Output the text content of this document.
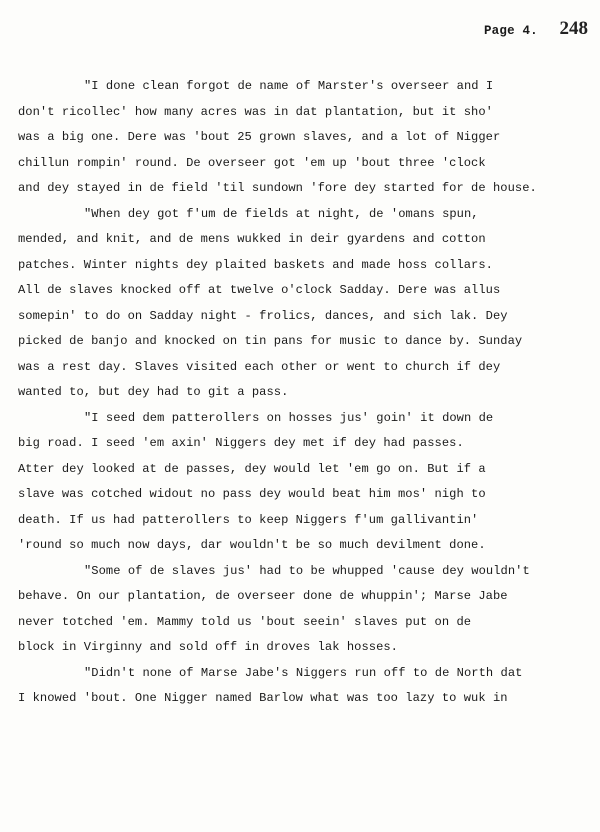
Page 4. 248
"I done clean forgot de name of Marster's overseer and I
don't ricollec' how many acres was in dat plantation, but it sho'
was a big one. Dere was 'bout 25 grown slaves, and a lot of Nigger
chillun rompin' round. De overseer got 'em up 'bout three 'clock
and dey stayed in de field 'til sundown 'fore dey started for de house.
"When dey got f'um de fields at night, de 'omans spun,
mended, and knit, and de mens wukked in deir gyardens and cotton
patches. Winter nights dey plaited baskets and made hoss collars.
All de slaves knocked off at twelve o'clock Sadday. Dere was allus
somepin' to do on Sadday night - frolics, dances, and sich lak. Dey
picked de banjo and knocked on tin pans for music to dance by. Sunday
was a rest day. Slaves visited each other or went to church if dey
wanted to, but dey had to git a pass.
"I seed dem patterollers on hosses jus' goin' it down de
big road. I seed 'em axin' Niggers dey met if dey had passes.
Atter dey looked at de passes, dey would let 'em go on. But if a
slave was cotched widout no pass dey would beat him mos' nigh to
death. If us had patterollers to keep Niggers f'um gallivantin'
'round so much now days, dar wouldn't be so much devilment done.
"Some of de slaves jus' had to be whupped 'cause dey wouldn't
behave. On our plantation, de overseer done de whuppin'; Marse Jabe
never totched 'em. Mammy told us 'bout seein' slaves put on de
block in Virginny and sold off in droves lak hosses.
"Didn't none of Marse Jabe's Niggers run off to de North dat
I knowed 'bout. One Nigger named Barlow what was too lazy to wuk in
